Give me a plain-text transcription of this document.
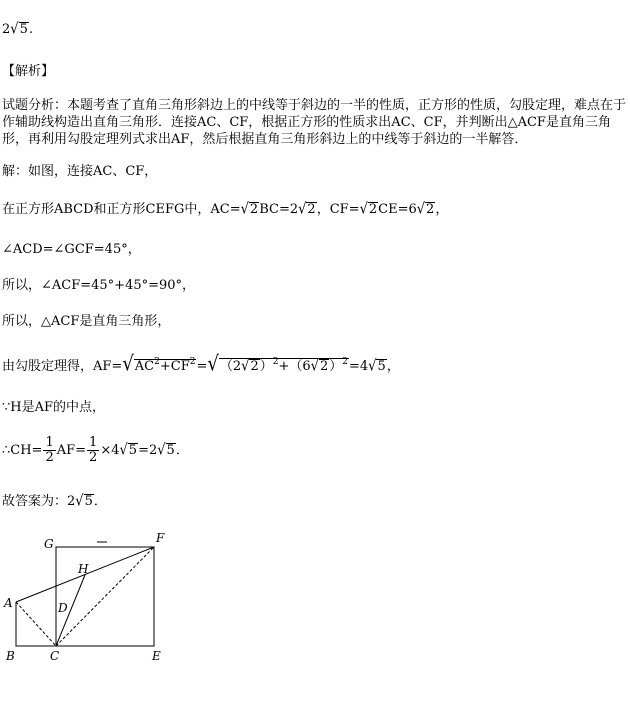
2√5.
【解析】
试题分析：本题考查了直角三角形斜边上的中线等于斜边的一半的性质，正方形的性质，勾股定理，难点在于作辅助线构造出直角三角形．连接AC、CF，根据正方形的性质求出AC、CF，并判断出△ACF是直角三角形，再利用勾股定理列式求出AF，然后根据直角三角形斜边上的中线等于斜边的一半解答．
解：如图，连接AC、CF，
在正方形ABCD和正方形CEFG中，AC=√2BC=2√2，CF=√2CE=6√2，
∠ACD=∠GCF=45°，
所以，∠ACF=45°+45°=90°，
所以，△ACF是直角三角形，
由勾股定理得，$AF=√AC^2+CF^2=√(2√2)^2+(6√2)^2=4√5$，
∵H是AF的中点，
∴CH= $\frac{1}{2} AF= \frac{1}{2} \times 4√5=2√5$．
故答案为：2√5．
A
B	C
D
E
F
G
H
